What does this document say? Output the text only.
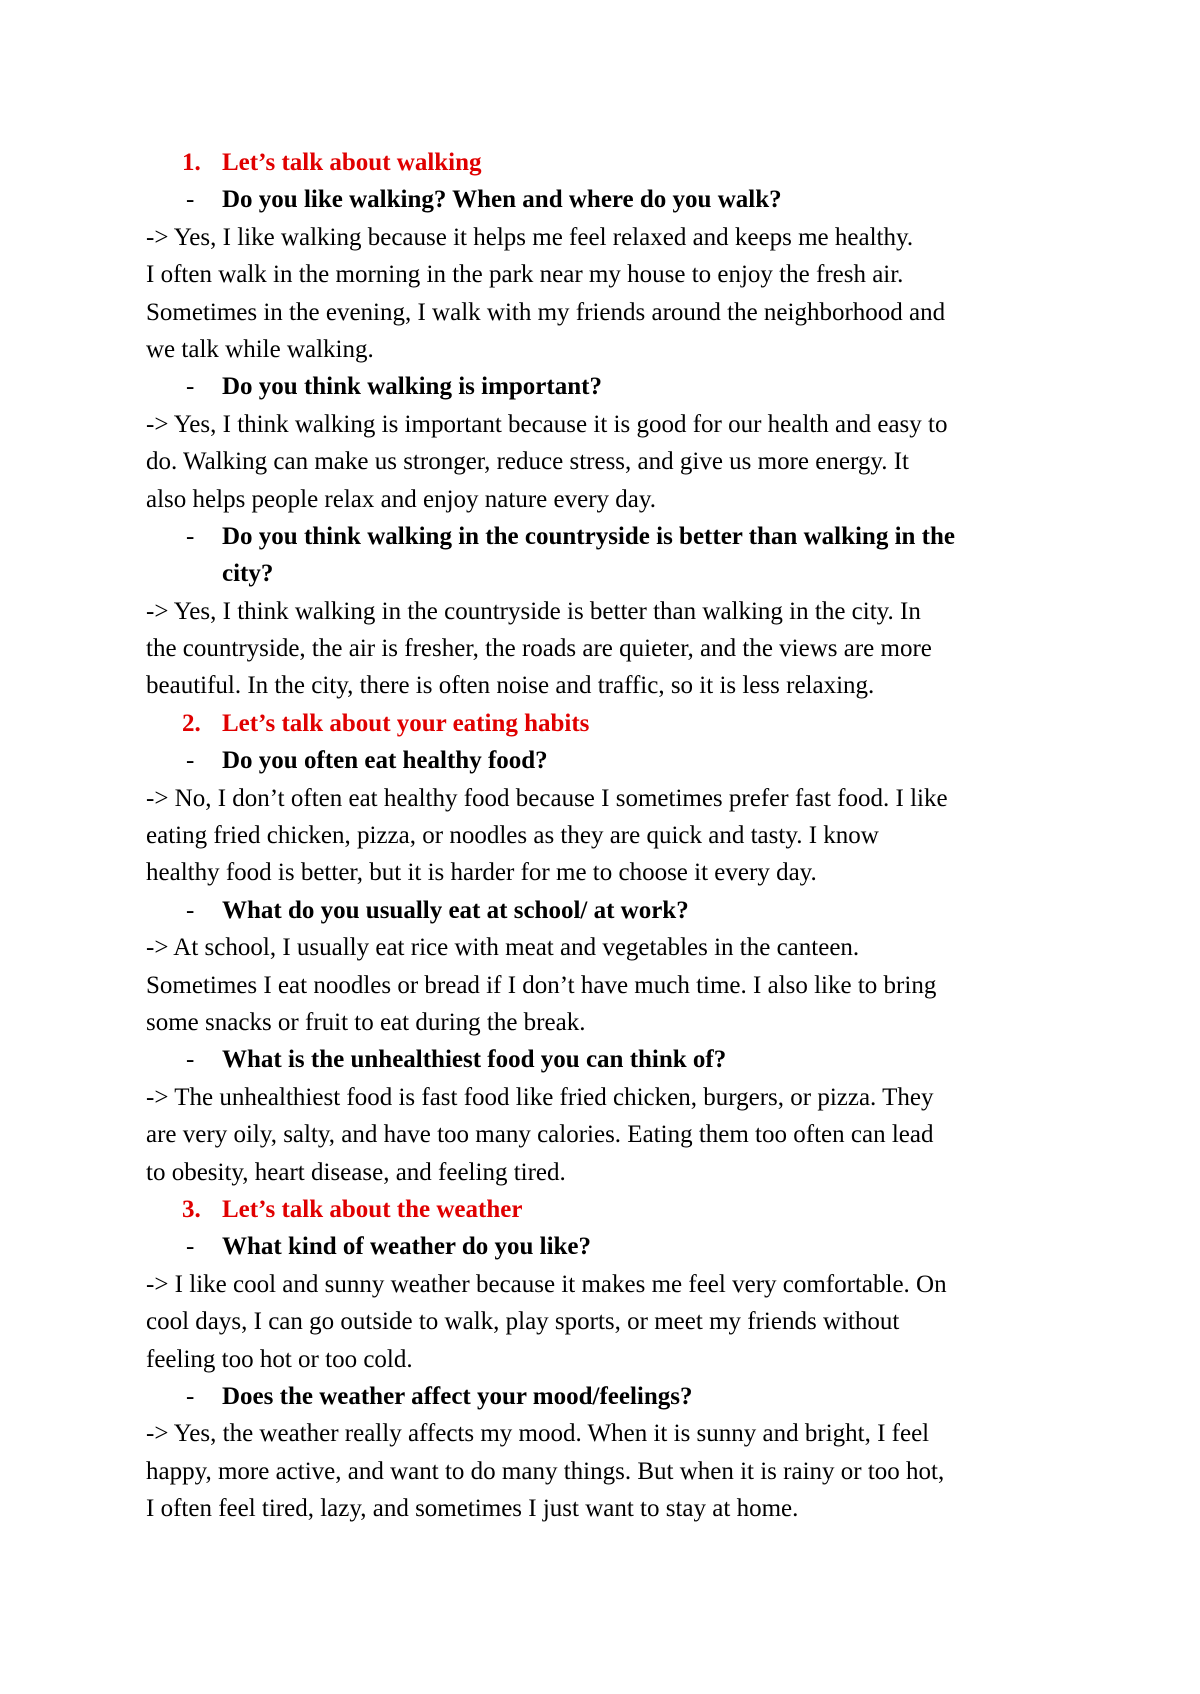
1. Let’s talk about walking
- Do you like walking? When and where do you walk?
-> Yes, I like walking because it helps me feel relaxed and keeps me healthy.
I often walk in the morning in the park near my house to enjoy the fresh air.
Sometimes in the evening, I walk with my friends around the neighborhood and
we talk while walking.
- Do you think walking is important?
-> Yes, I think walking is important because it is good for our health and easy to
do. Walking can make us stronger, reduce stress, and give us more energy. It
also helps people relax and enjoy nature every day.
- Do you think walking in the countryside is better than walking in the
city?
-> Yes, I think walking in the countryside is better than walking in the city. In
the countryside, the air is fresher, the roads are quieter, and the views are more
beautiful. In the city, there is often noise and traffic, so it is less relaxing.
2. Let’s talk about your eating habits
- Do you often eat healthy food?
-> No, I don’t often eat healthy food because I sometimes prefer fast food. I like
eating fried chicken, pizza, or noodles as they are quick and tasty. I know
healthy food is better, but it is harder for me to choose it every day.
- What do you usually eat at school/ at work?
-> At school, I usually eat rice with meat and vegetables in the canteen.
Sometimes I eat noodles or bread if I don’t have much time. I also like to bring
some snacks or fruit to eat during the break.
- What is the unhealthiest food you can think of?
-> The unhealthiest food is fast food like fried chicken, burgers, or pizza. They
are very oily, salty, and have too many calories. Eating them too often can lead
to obesity, heart disease, and feeling tired.
3. Let’s talk about the weather
- What kind of weather do you like?
-> I like cool and sunny weather because it makes me feel very comfortable. On
cool days, I can go outside to walk, play sports, or meet my friends without
feeling too hot or too cold.
- Does the weather affect your mood/feelings?
-> Yes, the weather really affects my mood. When it is sunny and bright, I feel
happy, more active, and want to do many things. But when it is rainy or too hot,
I often feel tired, lazy, and sometimes I just want to stay at home.
